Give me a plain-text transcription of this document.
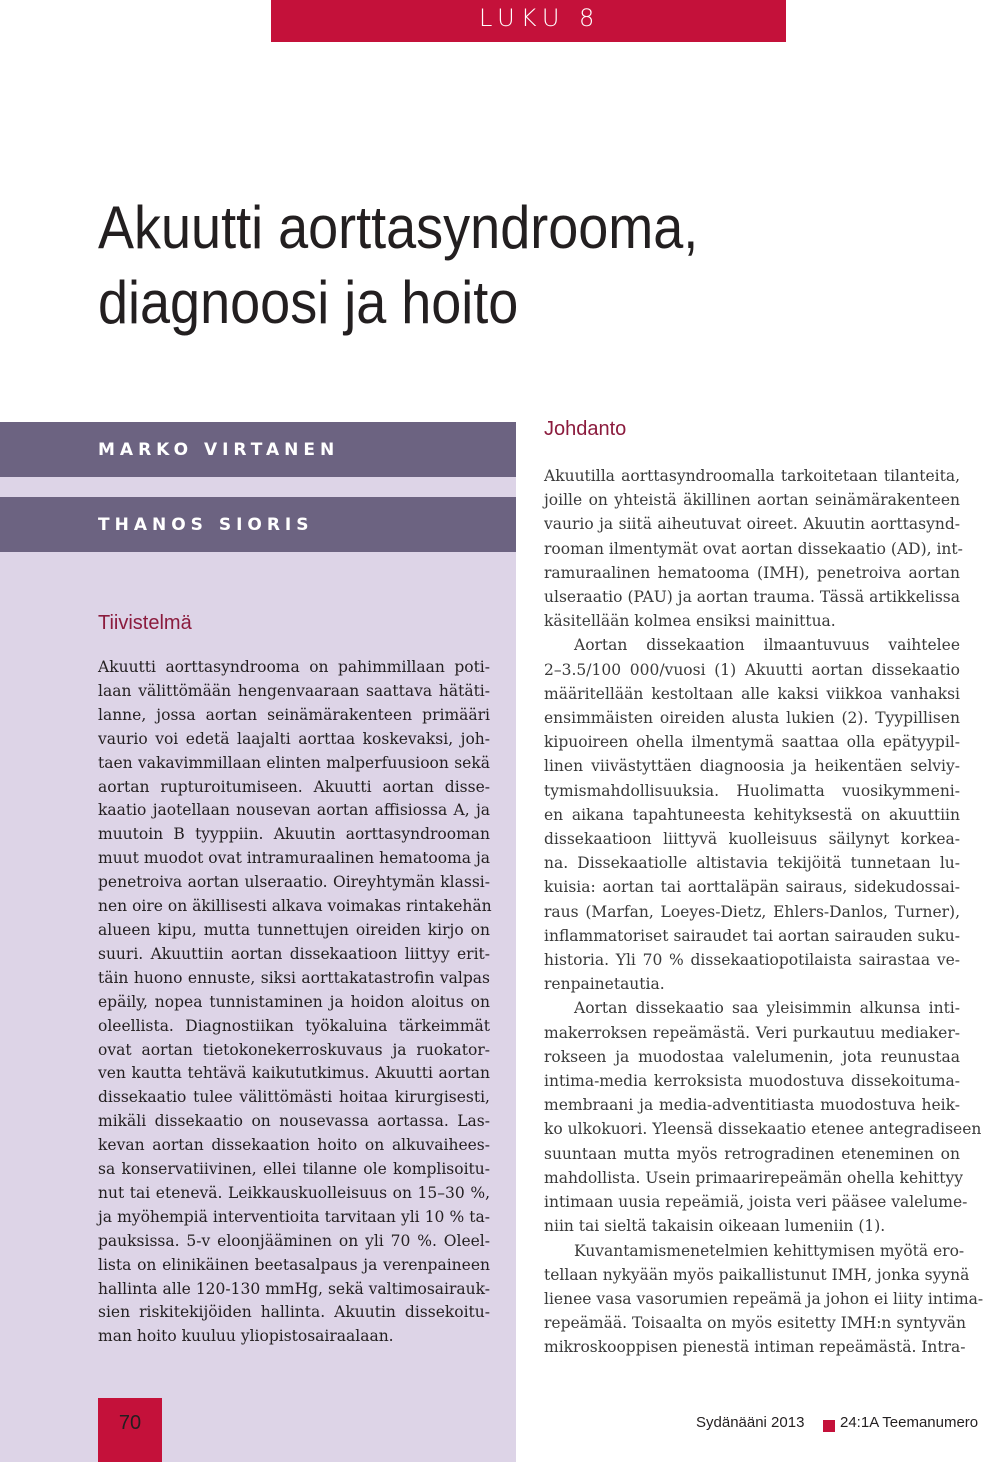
LUKU 8
Akuutti aorttasyndrooma,
diagnoosi ja hoito
MARKO VIRTANEN
THANOS SIORIS
Tiivistelmä
Akuutti aorttasyndrooma on pahimmillaan poti-
laan välittömään hengenvaaraan saattava hätäti-
lanne, jossa aortan seinämärakenteen primääri
vaurio voi edetä laajalti aorttaa koskevaksi, joh-
taen vakavimmillaan elinten malperfuusioon sekä
aortan rupturoitumiseen. Akuutti aortan disse-
kaatio jaotellaan nousevan aortan affisiossa A, ja
muutoin B tyyppiin. Akuutin aorttasyndrooman
muut muodot ovat intramuraalinen hematooma ja
penetroiva aortan ulseraatio. Oireyhtymän klassi-
nen oire on äkillisesti alkava voimakas rintakehän
alueen kipu, mutta tunnettujen oireiden kirjo on
suuri. Akuuttiin aortan dissekaatioon liittyy erit-
täin huono ennuste, siksi aorttakatastrofin valpas
epäily, nopea tunnistaminen ja hoidon aloitus on
oleellista. Diagnostiikan työkaluina tärkeimmät
ovat aortan tietokonekerroskuvaus ja ruokator-
ven kautta tehtävä kaikututkimus. Akuutti aortan
dissekaatio tulee välittömästi hoitaa kirurgisesti,
mikäli dissekaatio on nousevassa aortassa. Las-
kevan aortan dissekaation hoito on alkuvaihees-
sa konservatiivinen, ellei tilanne ole komplisoitu-
nut tai etenevä. Leikkauskuolleisuus on 15–30 %,
ja myöhempiä interventioita tarvitaan yli 10 % ta-
pauksissa. 5-v eloonjääminen on yli 70 %. Oleel-
lista on elinikäinen beetasalpaus ja verenpaineen
hallinta alle 120-130 mmHg, sekä valtimosairauk-
sien riskitekijöiden hallinta. Akuutin dissekoitu-
man hoito kuuluu yliopistosairaalaan.
Johdanto
Akuutilla aorttasyndroomalla tarkoitetaan tilanteita,
joille on yhteistä äkillinen aortan seinämärakenteen
vaurio ja siitä aiheutuvat oireet. Akuutin aorttasynd-
rooman ilmentymät ovat aortan dissekaatio (AD), int-
ramuraalinen hematooma (IMH), penetroiva aortan
ulseraatio (PAU) ja aortan trauma. Tässä artikkelissa
käsitellään kolmea ensiksi mainittua.
Aortan dissekaation ilmaantuvuus vaihtelee
2–3.5/100 000/vuosi (1) Akuutti aortan dissekaatio
määritellään kestoltaan alle kaksi viikkoa vanhaksi
ensimmäisten oireiden alusta lukien (2). Tyypillisen
kipuoireen ohella ilmentymä saattaa olla epätyypil-
linen viivästyttäen diagnoosia ja heikentäen selviy-
tymismahdollisuuksia. Huolimatta vuosikymmeni-
en aikana tapahtuneesta kehityksestä on akuuttiin
dissekaatioon liittyvä kuolleisuus säilynyt korkea-
na. Dissekaatiolle altistavia tekijöitä tunnetaan lu-
kuisia: aortan tai aorttaläpän sairaus, sidekudossai-
raus (Marfan, Loeyes-Dietz, Ehlers-Danlos, Turner),
inflammatoriset sairaudet tai aortan sairauden suku-
historia. Yli 70 % dissekaatiopotilaista sairastaa ve-
renpainetautia.
Aortan dissekaatio saa yleisimmin alkunsa inti-
makerroksen repeämästä. Veri purkautuu mediaker-
rokseen ja muodostaa valelumenin, jota reunustaa
intima-media kerroksista muodostuva dissekoituma-
membraani ja media-adventitiasta muodostuva heik-
ko ulkokuori. Yleensä dissekaatio etenee antegradiseen
suuntaan mutta myös retrogradinen eteneminen on
mahdollista. Usein primaarirepeämän ohella kehittyy
intimaan uusia repeämiä, joista veri pääsee valelume-
niin tai sieltä takaisin oikeaan lumeniin (1).
Kuvantamismenetelmien kehittymisen myötä ero-
tellaan nykyään myös paikallistunut IMH, jonka syynä
lienee vasa vasorumien repeämä ja johon ei liity intima-
repeämää. Toisaalta on myös esitetty IMH:n syntyvän
mikroskooppisen pienestä intiman repeämästä. Intra-
70	Sydänääni 2013 24:1A Teemanumero
